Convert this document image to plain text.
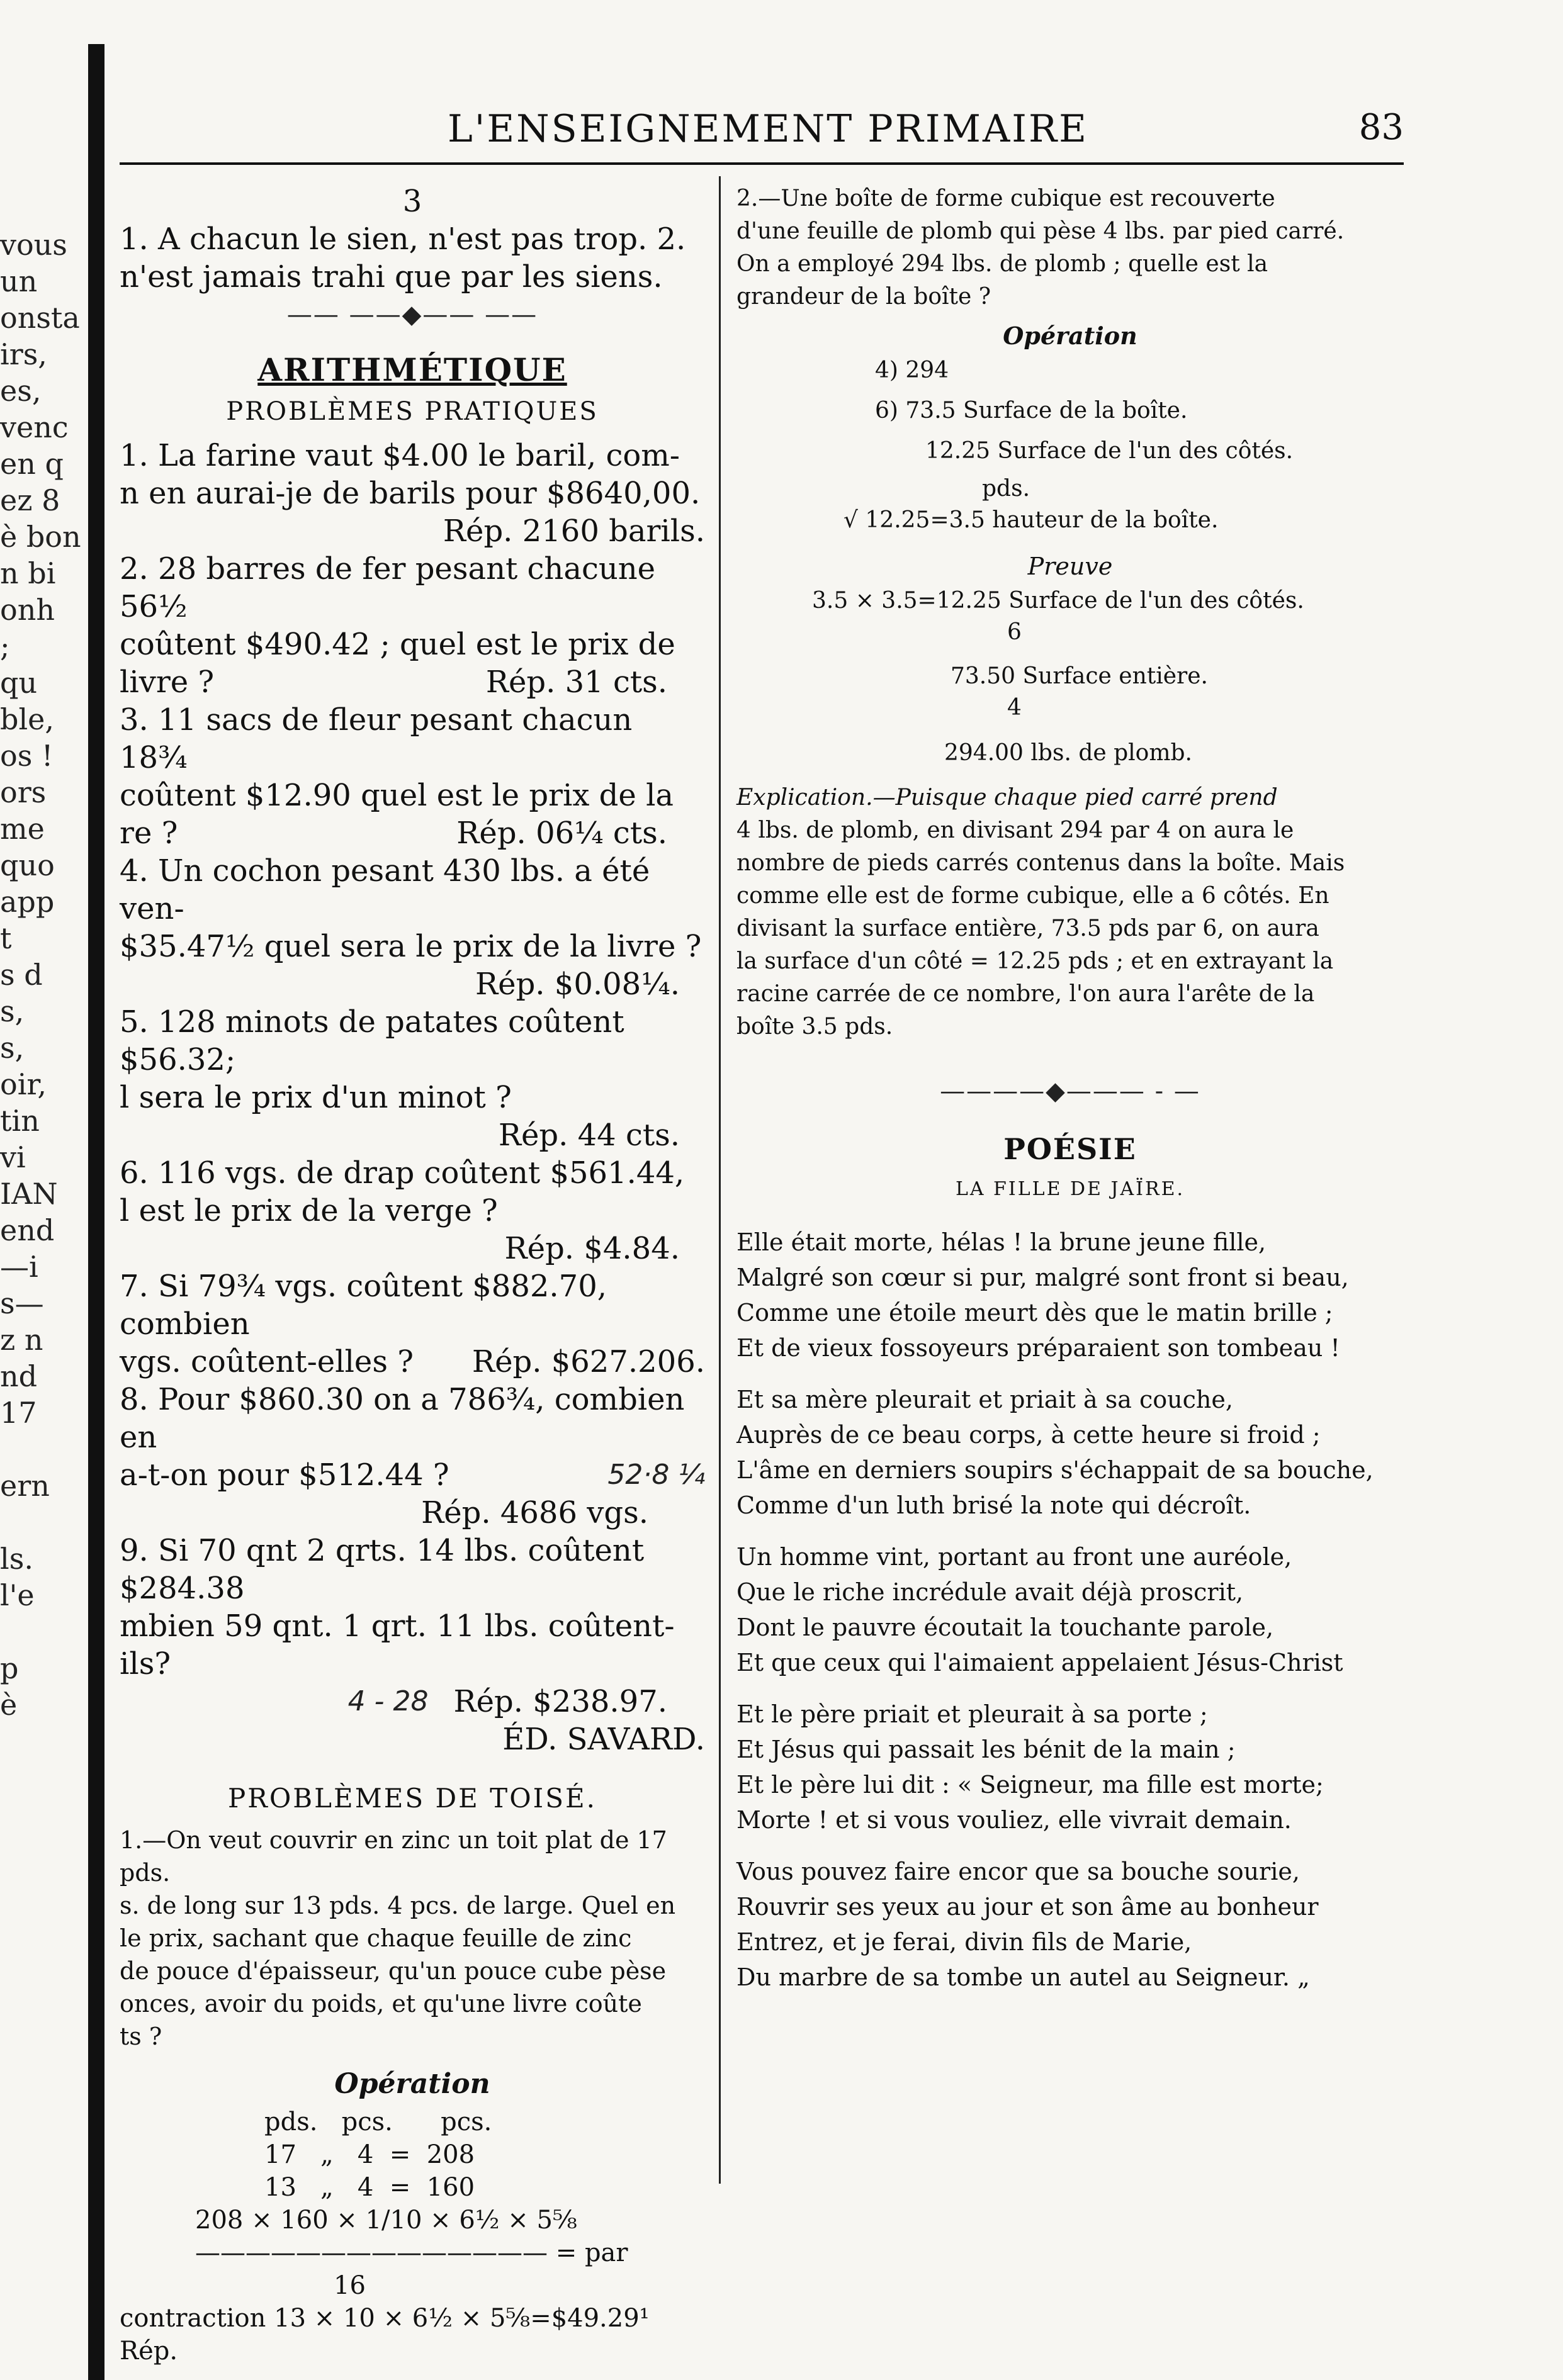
vous
un
onsta
irs,
es,
venc
en q
ez 8
è bon
n bi
onh
;
qu
ble,
os !
ors
me
quo
app
t
s d
s,
s,
oir,
tin
vi
IAN
end
—i
s—
z n
nd
17
ern
ls.
l'e
p
è
L'ENSEIGNEMENT PRIMAIRE	83
3
1. A chacun le sien, n'est pas trop. 2.
n'est jamais trahi que par les siens.
—— ——◆—— ——
ARITHMÉTIQUE
PROBLÈMES PRATIQUES
1. La farine vaut $4.00 le baril, com-
n en aurai-je de barils pour $8640,00.
Rép. 2160 barils.
2. 28 barres de fer pesant chacune 56½
coûtent $490.42 ; quel est le prix de
livre ?	Rép. 31 cts.
3. 11 sacs de fleur pesant chacun 18¾
coûtent $12.90 quel est le prix de la
re ?	Rép. 06¼ cts.
4. Un cochon pesant 430 lbs. a été ven-
$35.47½ quel sera le prix de la livre ?
Rép. $0.08¼.
5. 128 minots de patates coûtent $56.32;
l sera le prix d'un minot ?
Rép. 44 cts.
6. 116 vgs. de drap coûtent $561.44,
l est le prix de la verge ?
Rép. $4.84.
7. Si 79¾ vgs. coûtent $882.70, combien
vgs. coûtent-elles ? Rép. $627.206.
8. Pour $860.30 on a 786¾, combien en
a-t-on pour $512.44 ?	52·8 ¼
Rép. 4686 vgs.
9. Si 70 qnt 2 qrts. 14 lbs. coûtent $284.38
mbien 59 qnt. 1 qrt. 11 lbs. coûtent-ils?
4 - 28 Rép. $238.97.
ÉD. SAVARD.
PROBLÈMES DE TOISÉ.
1.—On veut couvrir en zinc un toit plat de 17 pds.
s. de long sur 13 pds. 4 pcs. de large. Quel en
le prix, sachant que chaque feuille de zinc
de pouce d'épaisseur, qu'un pouce cube pèse
onces, avoir du poids, et qu'une livre coûte
ts ?
Opération
pds.   pcs.      pcs.
17   „   4  =  208
13   „   4  =  160
208 × 160 × 1/10 × 6½ × 5⅝
—————————————— = par
16
contraction 13 × 10 × 6½ × 5⅝=$49.29¹ Rép.
2.—Une boîte de forme cubique est recouverte
d'une feuille de plomb qui pèse 4 lbs. par pied carré.
On a employé 294 lbs. de plomb ; quelle est la
grandeur de la boîte ?
Opération
4) 294
6) 73.5 Surface de la boîte.
12.25 Surface de l'un des côtés.
pds.
√ 12.25=3.5 hauteur de la boîte.
Preuve
3.5 × 3.5=12.25 Surface de l'un des côtés.
6
73.50 Surface entière.
4
294.00 lbs. de plomb.
Explication.—Puisque chaque pied carré prend
4 lbs. de plomb, en divisant 294 par 4 on aura le
nombre de pieds carrés contenus dans la boîte. Mais
comme elle est de forme cubique, elle a 6 côtés. En
divisant la surface entière, 73.5 pds par 6, on aura
la surface d'un côté = 12.25 pds ; et en extrayant la
racine carrée de ce nombre, l'on aura l'arête de la
boîte 3.5 pds.
————◆——— - —
POÉSIE
LA FILLE DE JAÏRE.
Elle était morte, hélas ! la brune jeune fille,
Malgré son cœur si pur, malgré sont front si beau,
Comme une étoile meurt dès que le matin brille ;
Et de vieux fossoyeurs préparaient son tombeau !
Et sa mère pleurait et priait à sa couche,
Auprès de ce beau corps, à cette heure si froid ;
L'âme en derniers soupirs s'échappait de sa bouche,
Comme d'un luth brisé la note qui décroît.
Un homme vint, portant au front une auréole,
Que le riche incrédule avait déjà proscrit,
Dont le pauvre écoutait la touchante parole,
Et que ceux qui l'aimaient appelaient Jésus-Christ
Et le père priait et pleurait à sa porte ;
Et Jésus qui passait les bénit de la main ;
Et le père lui dit : « Seigneur, ma fille est morte;
Morte ! et si vous vouliez, elle vivrait demain.
Vous pouvez faire encor que sa bouche sourie,
Rouvrir ses yeux au jour et son âme au bonheur
Entrez, et je ferai, divin fils de Marie,
Du marbre de sa tombe un autel au Seigneur. „
